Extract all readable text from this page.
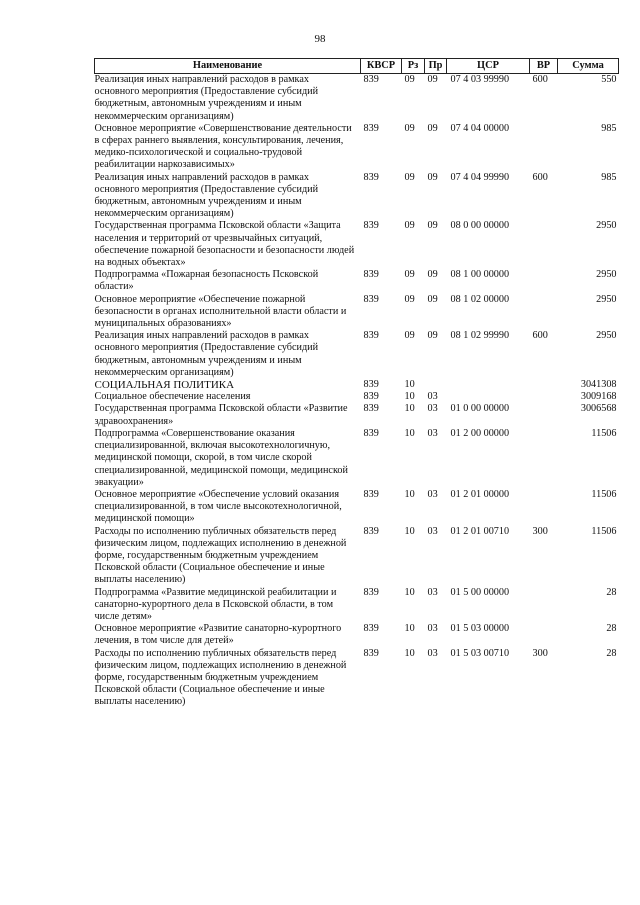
98
Наименование	КВСР	Рз	Пр	ЦСР	ВР	Сумма
Реализация иных направлений расходов в рамках основного мероприятия (Предоставление субсидий бюджетным, автономным учреждениям и иным некоммерческим организациям)	839	09	09	07 4 03 99990	600	550
Основное мероприятие «Совершенствование деятельности в сферах раннего выявления, консультирования, лечения, медико-психологической и социально-трудовой реабилитации наркозависимых»	839	09	09	07 4 04 00000		985
Реализация иных направлений расходов в рамках основного мероприятия (Предоставление субсидий бюджетным, автономным учреждениям и иным некоммерческим организациям)	839	09	09	07 4 04 99990	600	985
Государственная программа Псковской области «Защита населения и территорий от чрезвычайных ситуаций, обеспечение пожарной безопасности и безопасности людей на водных объектах»	839	09	09	08 0 00 00000		2950
Подпрограмма «Пожарная безопасность Псковской области»	839	09	09	08 1 00 00000		2950
Основное мероприятие «Обеспечение пожарной безопасности в органах исполнительной власти области и муниципальных образованиях»	839	09	09	08 1 02 00000		2950
Реализация иных направлений расходов в рамках основного мероприятия (Предоставление субсидий бюджетным, автономным учреждениям и иным некоммерческим организациям)	839	09	09	08 1 02 99990	600	2950
СОЦИАЛЬНАЯ ПОЛИТИКА	839	10				3041308
Социальное обеспечение населения	839	10	03			3009168
Государственная программа Псковской области «Развитие здравоохранения»	839	10	03	01 0 00 00000		3006568
Подпрограмма «Совершенствование оказания специализированной, включая высокотехнологичную, медицинской помощи, скорой, в том числе скорой специализированной, медицинской помощи, медицинской эвакуации»	839	10	03	01 2 00 00000		11506
Основное мероприятие «Обеспечение условий оказания специализированной, в том числе высокотехнологичной, медицинской помощи»	839	10	03	01 2 01 00000		11506
Расходы по исполнению публичных обязательств перед физическим лицом, подлежащих исполнению в денежной форме, государственным бюджетным учреждением Псковской области (Социальное обеспечение и иные выплаты населению)	839	10	03	01 2 01 00710	300	11506
Подпрограмма «Развитие медицинской реабилитации и санаторно-курортного дела в Псковской области, в том числе детям»	839	10	03	01 5 00 00000		28
Основное мероприятие «Развитие санаторно-курортного лечения, в том числе для детей»	839	10	03	01 5 03 00000		28
Расходы по исполнению публичных обязательств перед физическим лицом, подлежащих исполнению в денежной форме, государственным бюджетным учреждением Псковской области (Социальное обеспечение и иные выплаты населению)	839	10	03	01 5 03 00710	300	28
